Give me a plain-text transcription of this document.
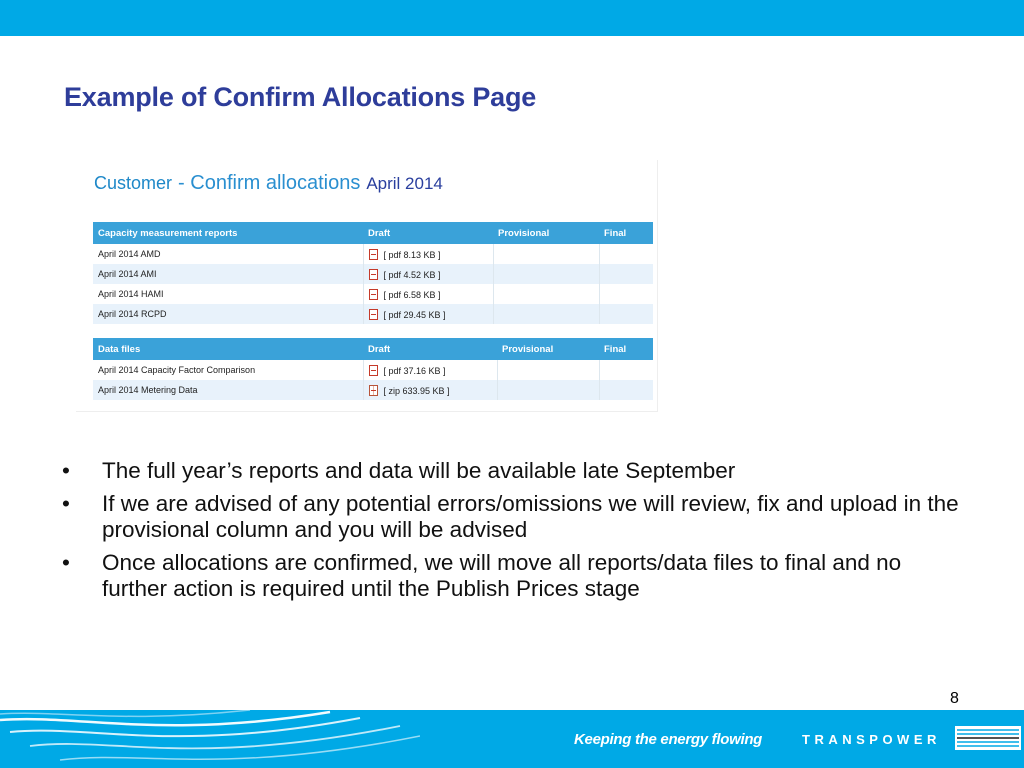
Example of Confirm Allocations Page
Customer - Confirm allocations April 2014
Capacity measurement reports	Draft	Provisional	Final
April 2014 AMD	[ pdf 8.13 KB ]		
April 2014 AMI	[ pdf 4.52 KB ]		
April 2014 HAMI	[ pdf 6.58 KB ]		
April 2014 RCPD	[ pdf 29.45 KB ]		
Data files	Draft	Provisional	Final
April 2014 Capacity Factor Comparison	[ pdf 37.16 KB ]		
April 2014 Metering Data	[ zip 633.95 KB ]		
• The full year’s reports and data will be available late September
• If we are advised of any potential errors/omissions we will review, fix and upload in the provisional column and you will be advised
• Once allocations are confirmed, we will move all reports/data files to final and no further action is required until the Publish Prices stage
8
Keeping the energy flowing	TRANSPOWER
